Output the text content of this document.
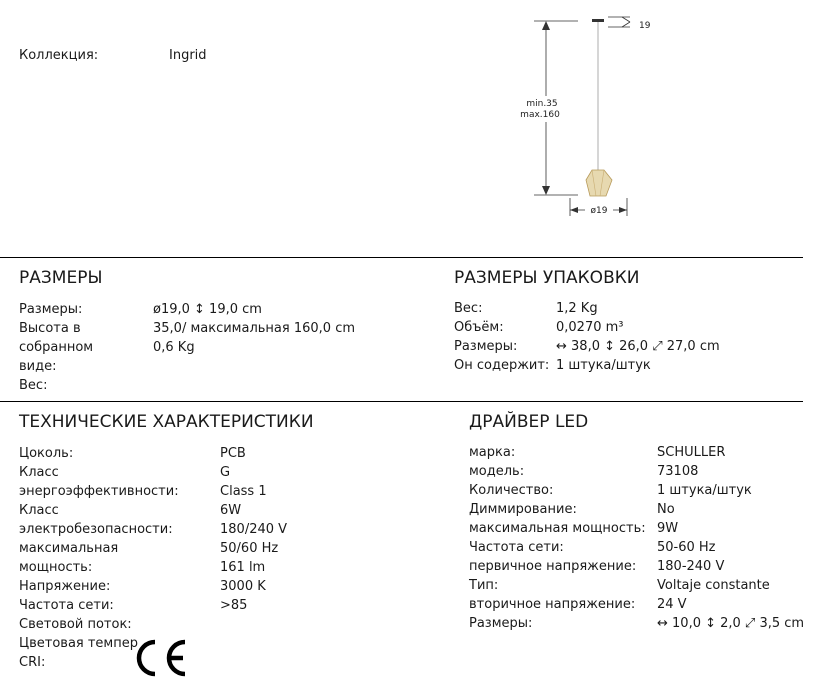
Коллекция:	Ingrid
min.35
max.160
19
ø19
РАЗМЕРЫ
Размеры:
Высота в собранном виде:
Вес:
ø19,0 ↕ 19,0 cm
35,0/ максимальная 160,0 cm
0,6 Kg
РАЗМЕРЫ УПАКОВКИ
Вес:
Объём:
Размеры:
Он содержит:
1,2 Kg
0,0270 m³
↔ 38,0 ↕ 26,0 ⤢ 27,0 cm
1 штука/штук
ТЕХНИЧЕСКИЕ ХАРАКТЕРИСТИКИ
Цоколь:
Класс энергоэффективности:
Класс электробезопасности:
максимальная мощность:
Напряжение:
Частота сети:
Световой поток:
Цветовая темпер
CRI:
PCB
G
Class 1
6W
180/240 V
50/60 Hz
161 lm
3000 K
>85
ДРАЙВЕР LED
марка:
модель:
Количество:
Диммирование:
максимальная мощность:
Частота сети:
первичное напряжение:
Тип:
вторичное напряжение:
Размеры:
SCHULLER
73108
1 штука/штук
No
9W
50-60 Hz
180-240 V
Voltaje constante
24 V
↔ 10,0 ↕ 2,0 ⤢ 3,5 cm
